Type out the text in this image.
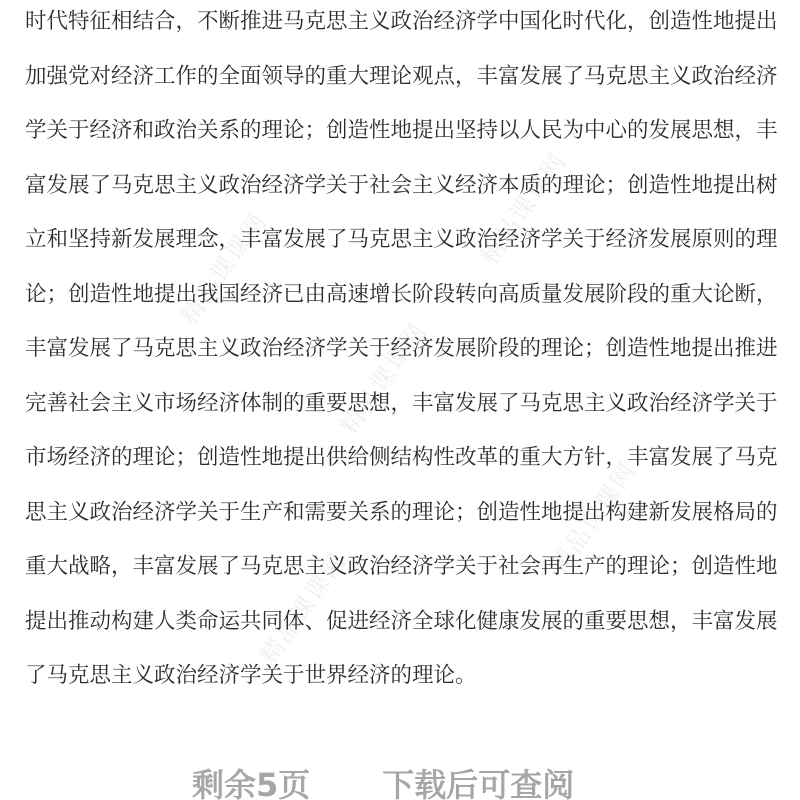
精品课课网	精品课课网
精品课课网
精品课课网
精品课课网
时代特征相结合，不断推进马克思主义政治经济学中国化时代化，创造性地提出
加强党对经济工作的全面领导的重大理论观点，丰富发展了马克思主义政治经济
学关于经济和政治关系的理论；创造性地提出坚持以人民为中心的发展思想，丰
富发展了马克思主义政治经济学关于社会主义经济本质的理论；创造性地提出树
立和坚持新发展理念，丰富发展了马克思主义政治经济学关于经济发展原则的理
论；创造性地提出我国经济已由高速增长阶段转向高质量发展阶段的重大论断，
丰富发展了马克思主义政治经济学关于经济发展阶段的理论；创造性地提出推进
完善社会主义市场经济体制的重要思想，丰富发展了马克思主义政治经济学关于
市场经济的理论；创造性地提出供给侧结构性改革的重大方针，丰富发展了马克
思主义政治经济学关于生产和需要关系的理论；创造性地提出构建新发展格局的
重大战略，丰富发展了马克思主义政治经济学关于社会再生产的理论；创造性地
提出推动构建人类命运共同体、促进经济全球化健康发展的重要思想，丰富发展
了马克思主义政治经济学关于世界经济的理论。
剩余5页 下载后可查阅
